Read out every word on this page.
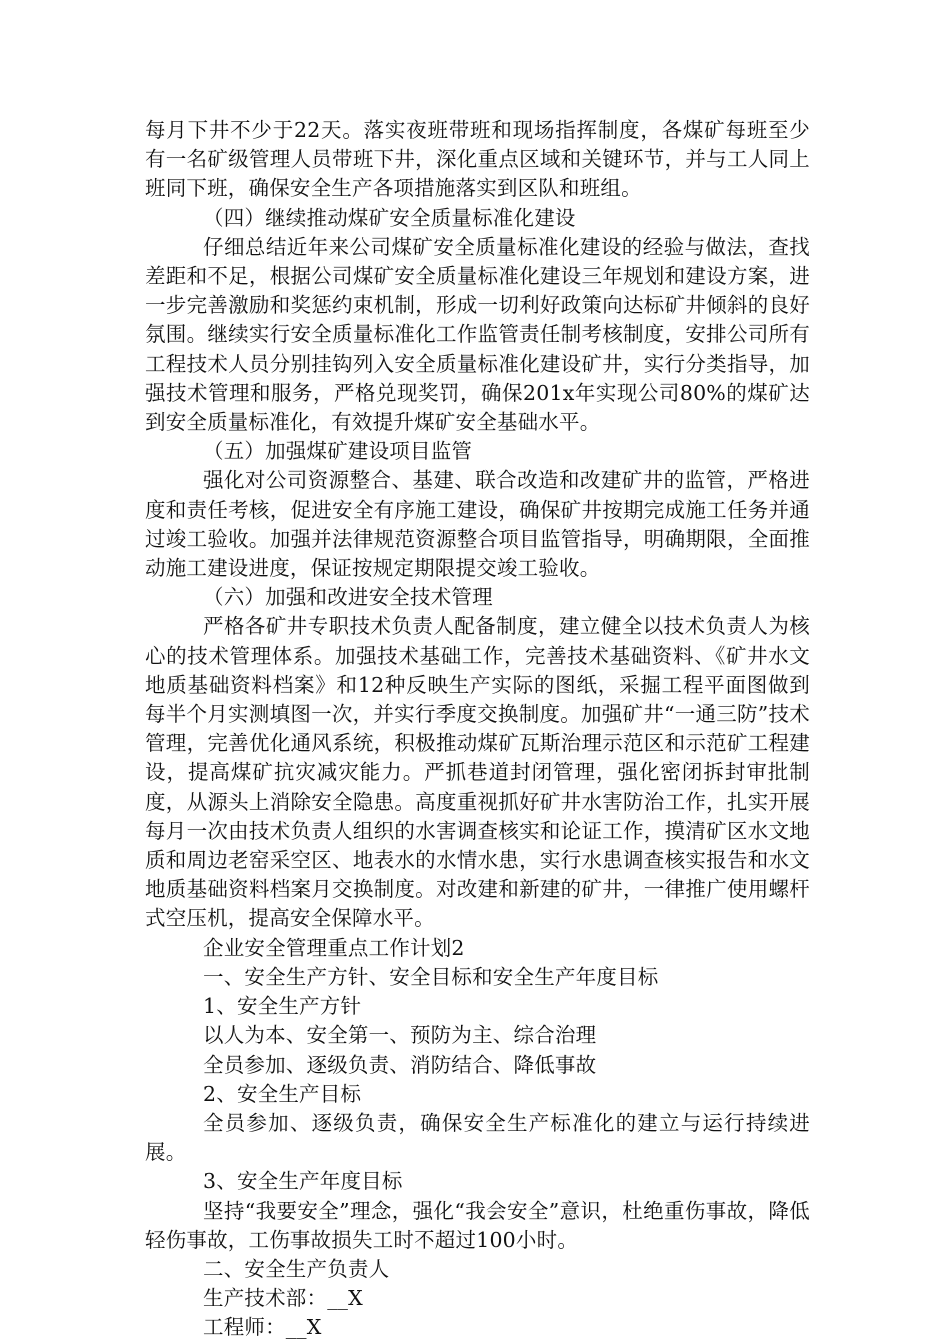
每月下井不少于22天。落实夜班带班和现场指挥制度，各煤矿每班至少有一名矿级管理人员带班下井，深化重点区域和关键环节，并与工人同上班同下班，确保安全生产各项措施落实到区队和班组。

（四）继续推动煤矿安全质量标准化建设

仔细总结近年来公司煤矿安全质量标准化建设的经验与做法，查找差距和不足，根据公司煤矿安全质量标准化建设三年规划和建设方案，进一步完善激励和奖惩约束机制，形成一切利好政策向达标矿井倾斜的良好氛围。继续实行安全质量标准化工作监管责任制考核制度，安排公司所有工程技术人员分别挂钩列入安全质量标准化建设矿井，实行分类指导，加强技术管理和服务，严格兑现奖罚，确保201x年实现公司80%的煤矿达到安全质量标准化，有效提升煤矿安全基础水平。

（五）加强煤矿建设项目监管

强化对公司资源整合、基建、联合改造和改建矿井的监管，严格进度和责任考核，促进安全有序施工建设，确保矿井按期完成施工任务并通过竣工验收。加强并法律规范资源整合项目监管指导，明确期限，全面推动施工建设进度，保证按规定期限提交竣工验收。

（六）加强和改进安全技术管理

严格各矿井专职技术负责人配备制度，建立健全以技术负责人为核心的技术管理体系。加强技术基础工作，完善技术基础资料、《矿井水文地质基础资料档案》和12种反映生产实际的图纸，采掘工程平面图做到每半个月实测填图一次，并实行季度交换制度。加强矿井“一通三防”技术管理，完善优化通风系统，积极推动煤矿瓦斯治理示范区和示范矿工程建设，提高煤矿抗灾减灾能力。严抓巷道封闭管理，强化密闭拆封审批制度，从源头上消除安全隐患。高度重视抓好矿井水害防治工作，扎实开展每月一次由技术负责人组织的水害调查核实和论证工作，摸清矿区水文地质和周边老窑采空区、地表水的水情水患，实行水患调查核实报告和水文地质基础资料档案月交换制度。对改建和新建的矿井，一律推广使用螺杆式空压机，提高安全保障水平。

企业安全管理重点工作计划2

一、安全生产方针、安全目标和安全生产年度目标

1、安全生产方针

以人为本、安全第一、预防为主、综合治理

全员参加、逐级负责、消防结合、降低事故

2、安全生产目标

全员参加、逐级负责，确保安全生产标准化的建立与运行持续进展。

3、安全生产年度目标

坚持“我要安全”理念，强化“我会安全”意识，杜绝重伤事故，降低轻伤事故，工伤事故损失工时不超过100小时。

二、安全生产负责人

生产技术部：__X

工程师：__X
